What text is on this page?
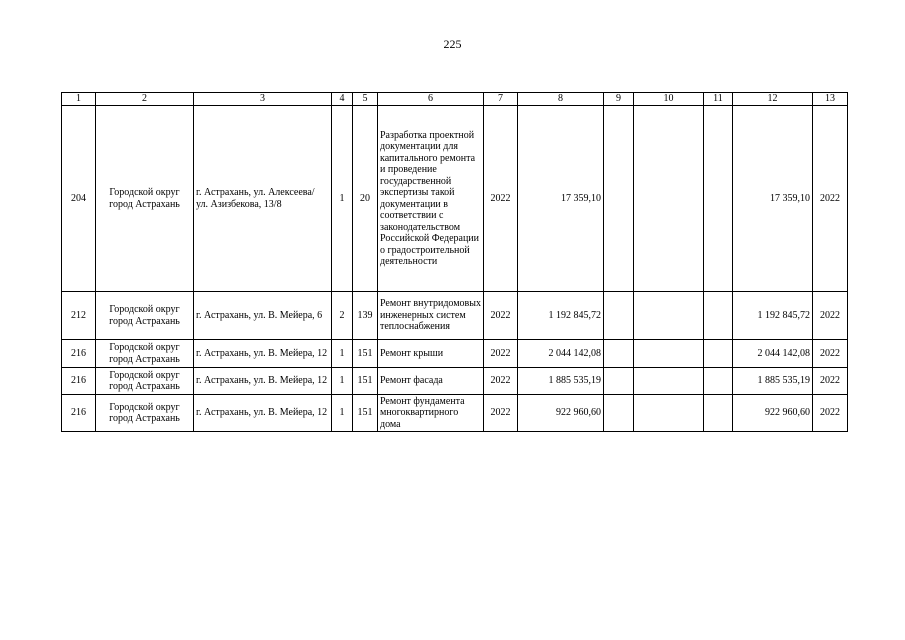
225
1	2	3	4	5	6	7	8	9	10	11	12	13
204	Городской округ город Астрахань	г. Астрахань, ул. Алексеева/ ул. Азизбекова, 13/8	1	20	Разработка проектной документации для капитального ремонта и проведение государственной экспертизы такой документации в соответствии с законодательством Российской Федерации о градостроительной деятельности	2022	17 359,10				17 359,10	2022
212	Городской округ город Астрахань	г. Астрахань, ул. В. Мейера, 6	2	139	Ремонт внутридомовых инженерных систем теплоснабжения	2022	1 192 845,72				1 192 845,72	2022
216	Городской округ город Астрахань	г. Астрахань, ул. В. Мейера, 12	1	151	Ремонт крыши	2022	2 044 142,08				2 044 142,08	2022
216	Городской округ город Астрахань	г. Астрахань, ул. В. Мейера, 12	1	151	Ремонт фасада	2022	1 885 535,19				1 885 535,19	2022
216	Городской округ город Астрахань	г. Астрахань, ул. В. Мейера, 12	1	151	Ремонт фундамента многоквартирного дома	2022	922 960,60				922 960,60	2022
